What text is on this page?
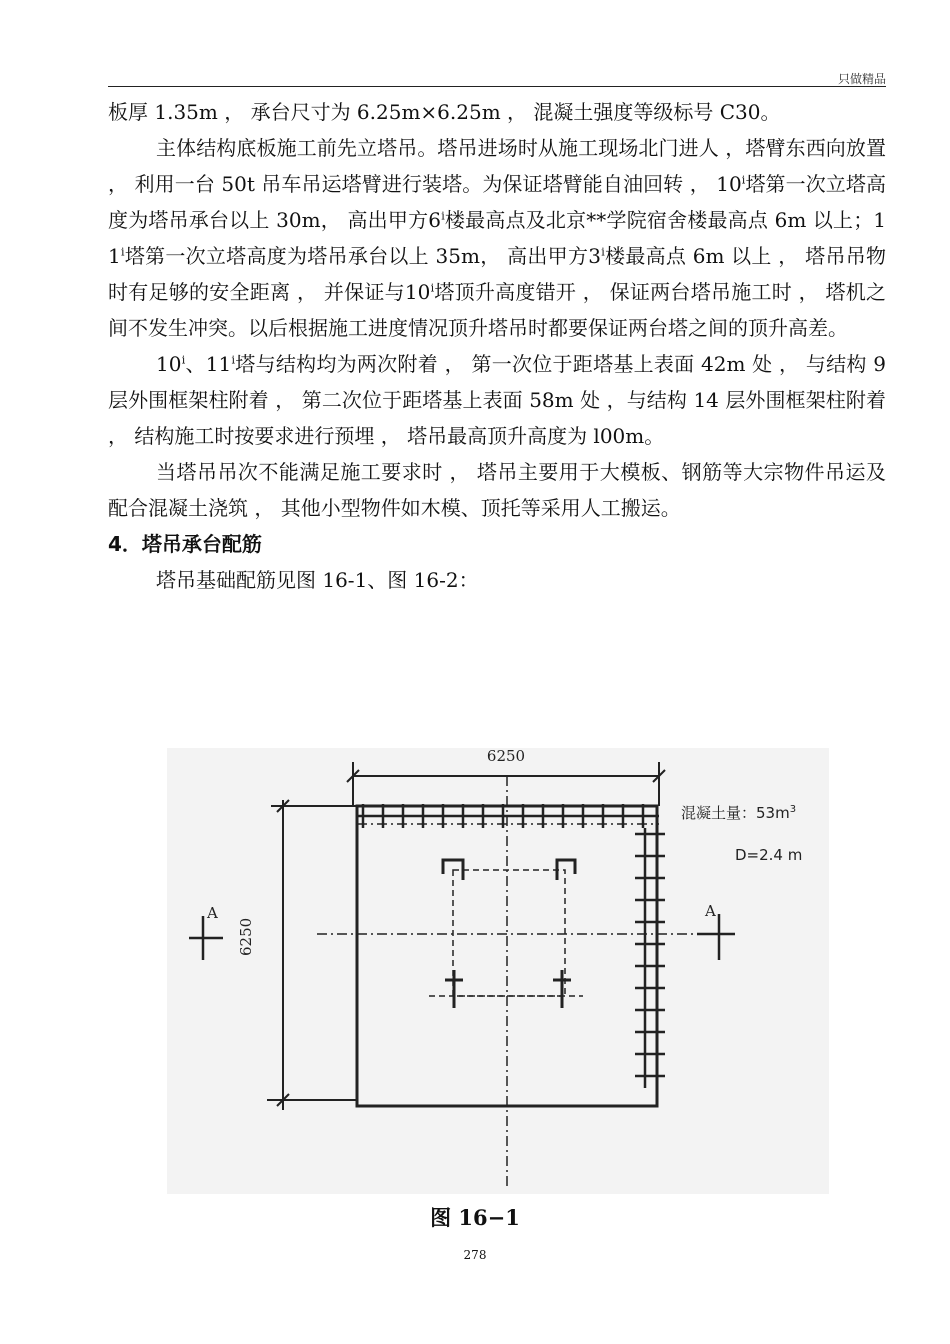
只做精品

板厚 1.35m ， 承台尺寸为 6.25m×6.25m ， 混凝土强度等级标号 C30。

主体结构底板施工前先立塔吊。塔吊进场时从施工现场北门进人 ，塔臂东西向放置 ， 利用一台 50t 吊车吊运塔臂进行装塔。为保证塔臂能自油回转 ， $10^ⅰ$塔第一次立塔高度为塔吊承台以上 30m， 高出甲方$6^ⅰ$楼最高点及北京**学院宿舍楼最高点 6m 以上；$11^ⅰ$塔第一次立塔高度为塔吊承台以上 35m， 高出甲方$3^ⅰ$楼最高点 6m 以上 ， 塔吊吊物时有足够的安全距离 ， 并保证与$10^ⅰ$塔顶升高度错开 ， 保证两台塔吊施工时 ， 塔机之间不发生冲突。以后根据施工进度情况顶升塔吊时都要保证两台塔之间的顶升高差。

$10^ⅰ$、$11^ⅰ$塔与结构均为两次附着 ， 第一次位于距塔基上表面 42m 处 ， 与结构 9 层外围框架柱附着 ， 第二次位于距塔基上表面 58m 处 ，与结构 14 层外围框架柱附着 ， 结构施工时按要求进行预埋 ， 塔吊最高顶升高度为 l00m。

当塔吊吊次不能满足施工要求时 ， 塔吊主要用于大模板、钢筋等大宗物件吊运及配合混凝土浇筑 ， 其他小型物件如木模、顶托等采用人工搬运。

4．塔吊承台配筋

塔吊基础配筋见图 16-1、图 16-2：

6250
6250
混凝土量：$53m^3$
D=2.4 m
A	A
图 16−1
278
